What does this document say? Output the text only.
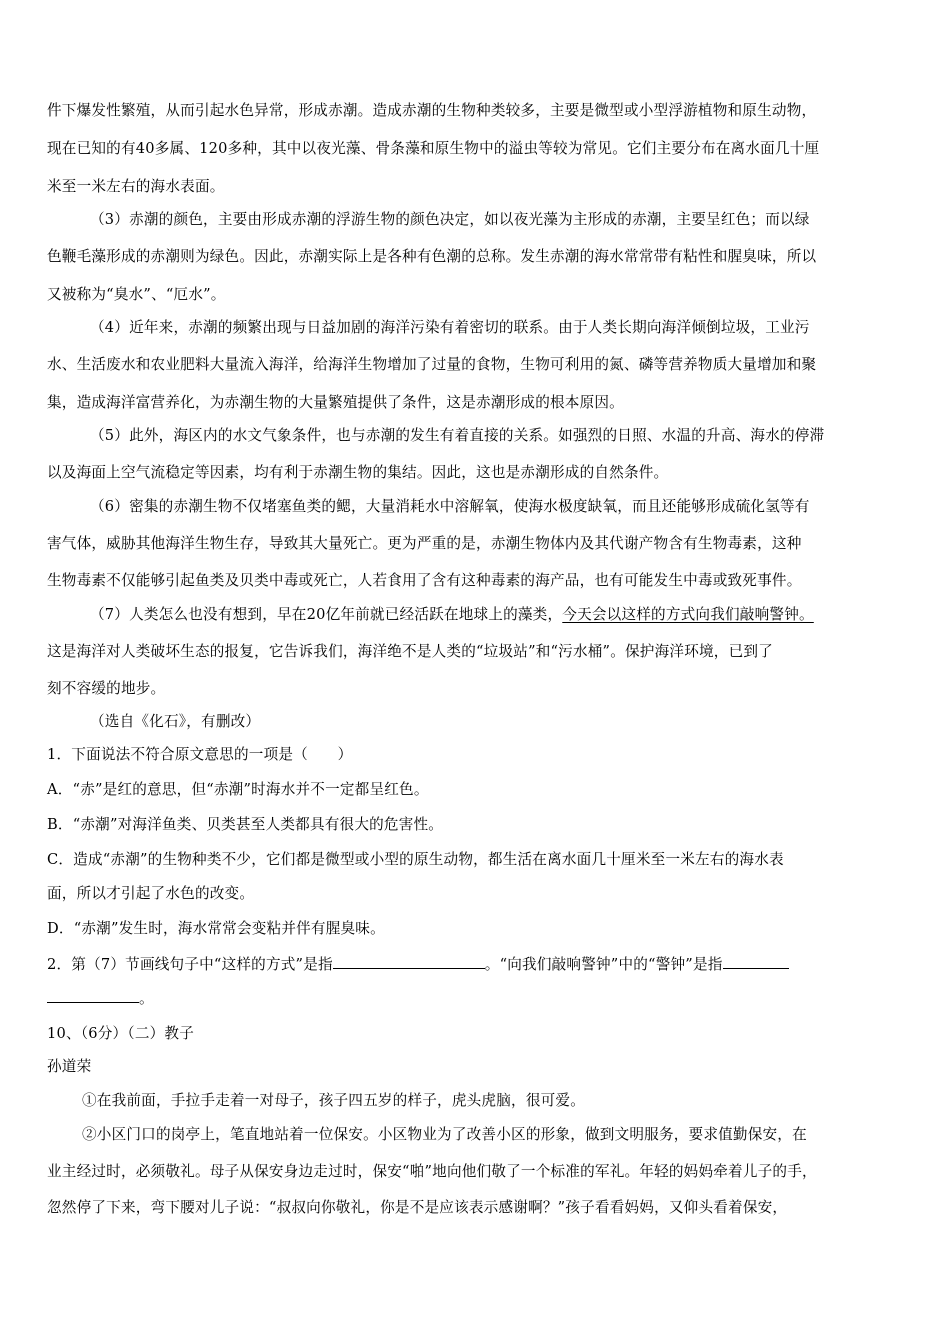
件下爆发性繁殖，从而引起水色异常，形成赤潮。造成赤潮的生物种类较多，主要是微型或小型浮游植物和原生动物，
现在已知的有40多属、120多种，其中以夜光藻、骨条藻和原生物中的溢虫等较为常见。它们主要分布在离水面几十厘
米至一米左右的海水表面。
（3）赤潮的颜色，主要由形成赤潮的浮游生物的颜色决定，如以夜光藻为主形成的赤潮，主要呈红色；而以绿
色鞭毛藻形成的赤潮则为绿色。因此，赤潮实际上是各种有色潮的总称。发生赤潮的海水常常带有粘性和腥臭味，所以
又被称为“臭水”、“厄水”。
（4）近年来，赤潮的频繁出现与日益加剧的海洋污染有着密切的联系。由于人类长期向海洋倾倒垃圾，工业污
水、生活废水和农业肥料大量流入海洋，给海洋生物增加了过量的食物，生物可利用的氮、磷等营养物质大量增加和聚
集，造成海洋富营养化，为赤潮生物的大量繁殖提供了条件，这是赤潮形成的根本原因。
（5）此外，海区内的水文气象条件，也与赤潮的发生有着直接的关系。如强烈的日照、水温的升高、海水的停滞
以及海面上空气流稳定等因素，均有利于赤潮生物的集结。因此，这也是赤潮形成的自然条件。
（6）密集的赤潮生物不仅堵塞鱼类的鳃，大量消耗水中溶解氧，使海水极度缺氧，而且还能够形成硫化氢等有
害气体，威胁其他海洋生物生存，导致其大量死亡。更为严重的是，赤潮生物体内及其代谢产物含有生物毒素，这种
生物毒素不仅能够引起鱼类及贝类中毒或死亡，人若食用了含有这种毒素的海产品，也有可能发生中毒或致死事件。
（7）人类怎么也没有想到，早在20亿年前就已经活跃在地球上的藻类，今天会以这样的方式向我们敲响警钟。
这是海洋对人类破坏生态的报复，它告诉我们，海洋绝不是人类的“垃圾站”和“污水桶”。保护海洋环境，已到了
刻不容缓的地步。
（选自《化石》，有删改）
1．下面说法不符合原文意思的一项是（　　）
A．“赤”是红的意思，但“赤潮”时海水并不一定都呈红色。
B．“赤潮”对海洋鱼类、贝类甚至人类都具有很大的危害性。
C．造成“赤潮”的生物种类不少，它们都是微型或小型的原生动物，都生活在离水面几十厘米至一米左右的海水表
面，所以才引起了水色的改变。
D．“赤潮”发生时，海水常常会变粘并伴有腥臭味。
2．第（7）节画线句子中“这样的方式”是指	。“向我们敲响警钟”中的“警钟”是指
。
10、（6分）（二）教子
孙道荣
①在我前面，手拉手走着一对母子，孩子四五岁的样子，虎头虎脑，很可爱。
②小区门口的岗亭上，笔直地站着一位保安。小区物业为了改善小区的形象，做到文明服务，要求值勤保安，在
业主经过时，必须敬礼。母子从保安身边走过时，保安“啪”地向他们敬了一个标准的军礼。年轻的妈妈牵着儿子的手，
忽然停了下来，弯下腰对儿子说：“叔叔向你敬礼，你是不是应该表示感谢啊？”孩子看看妈妈，又仰头看着保安，
